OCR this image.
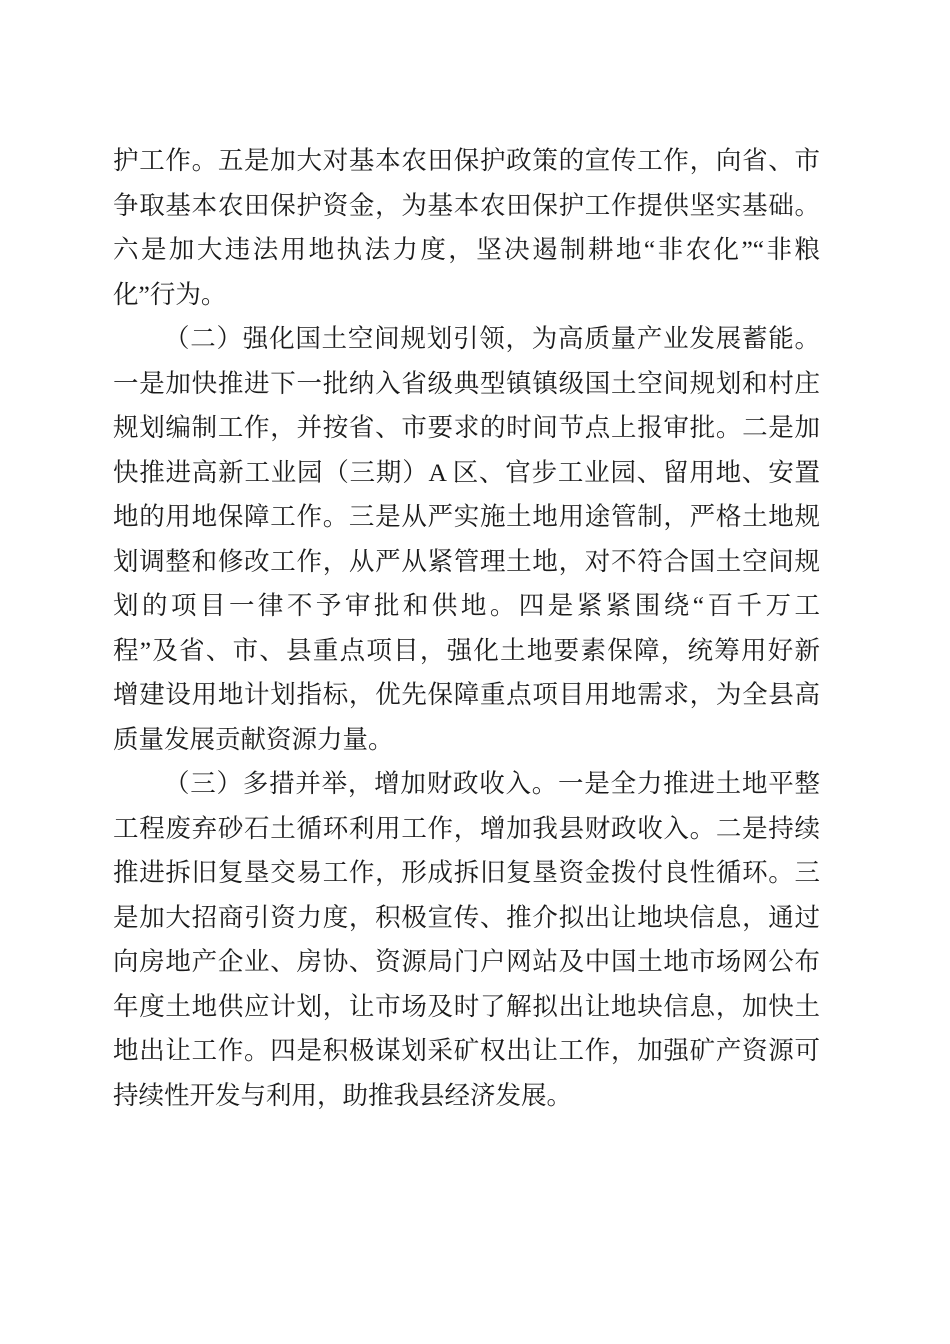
护工作。五是加大对基本农田保护政策的宣传工作，向省、市
争取基本农田保护资金，为基本农田保护工作提供坚实基础。
六是加大违法用地执法力度，坚决遏制耕地“非农化”“非粮
化”行为。
（二）强化国土空间规划引领，为高质量产业发展蓄能。
一是加快推进下一批纳入省级典型镇镇级国土空间规划和村庄
规划编制工作，并按省、市要求的时间节点上报审批。二是加
快推进高新工业园（三期）A 区、官步工业园、留用地、安置
地的用地保障工作。三是从严实施土地用途管制，严格土地规
划调整和修改工作，从严从紧管理土地，对不符合国土空间规
划的项目一律不予审批和供地。四是紧紧围绕“百千万工
程”及省、市、县重点项目，强化土地要素保障，统筹用好新
增建设用地计划指标，优先保障重点项目用地需求，为全县高
质量发展贡献资源力量。
（三）多措并举，增加财政收入。一是全力推进土地平整
工程废弃砂石土循环利用工作，增加我县财政收入。二是持续
推进拆旧复垦交易工作，形成拆旧复垦资金拨付良性循环。三
是加大招商引资力度，积极宣传、推介拟出让地块信息，通过
向房地产企业、房协、资源局门户网站及中国土地市场网公布
年度土地供应计划，让市场及时了解拟出让地块信息，加快土
地出让工作。四是积极谋划采矿权出让工作，加强矿产资源可
持续性开发与利用，助推我县经济发展。
